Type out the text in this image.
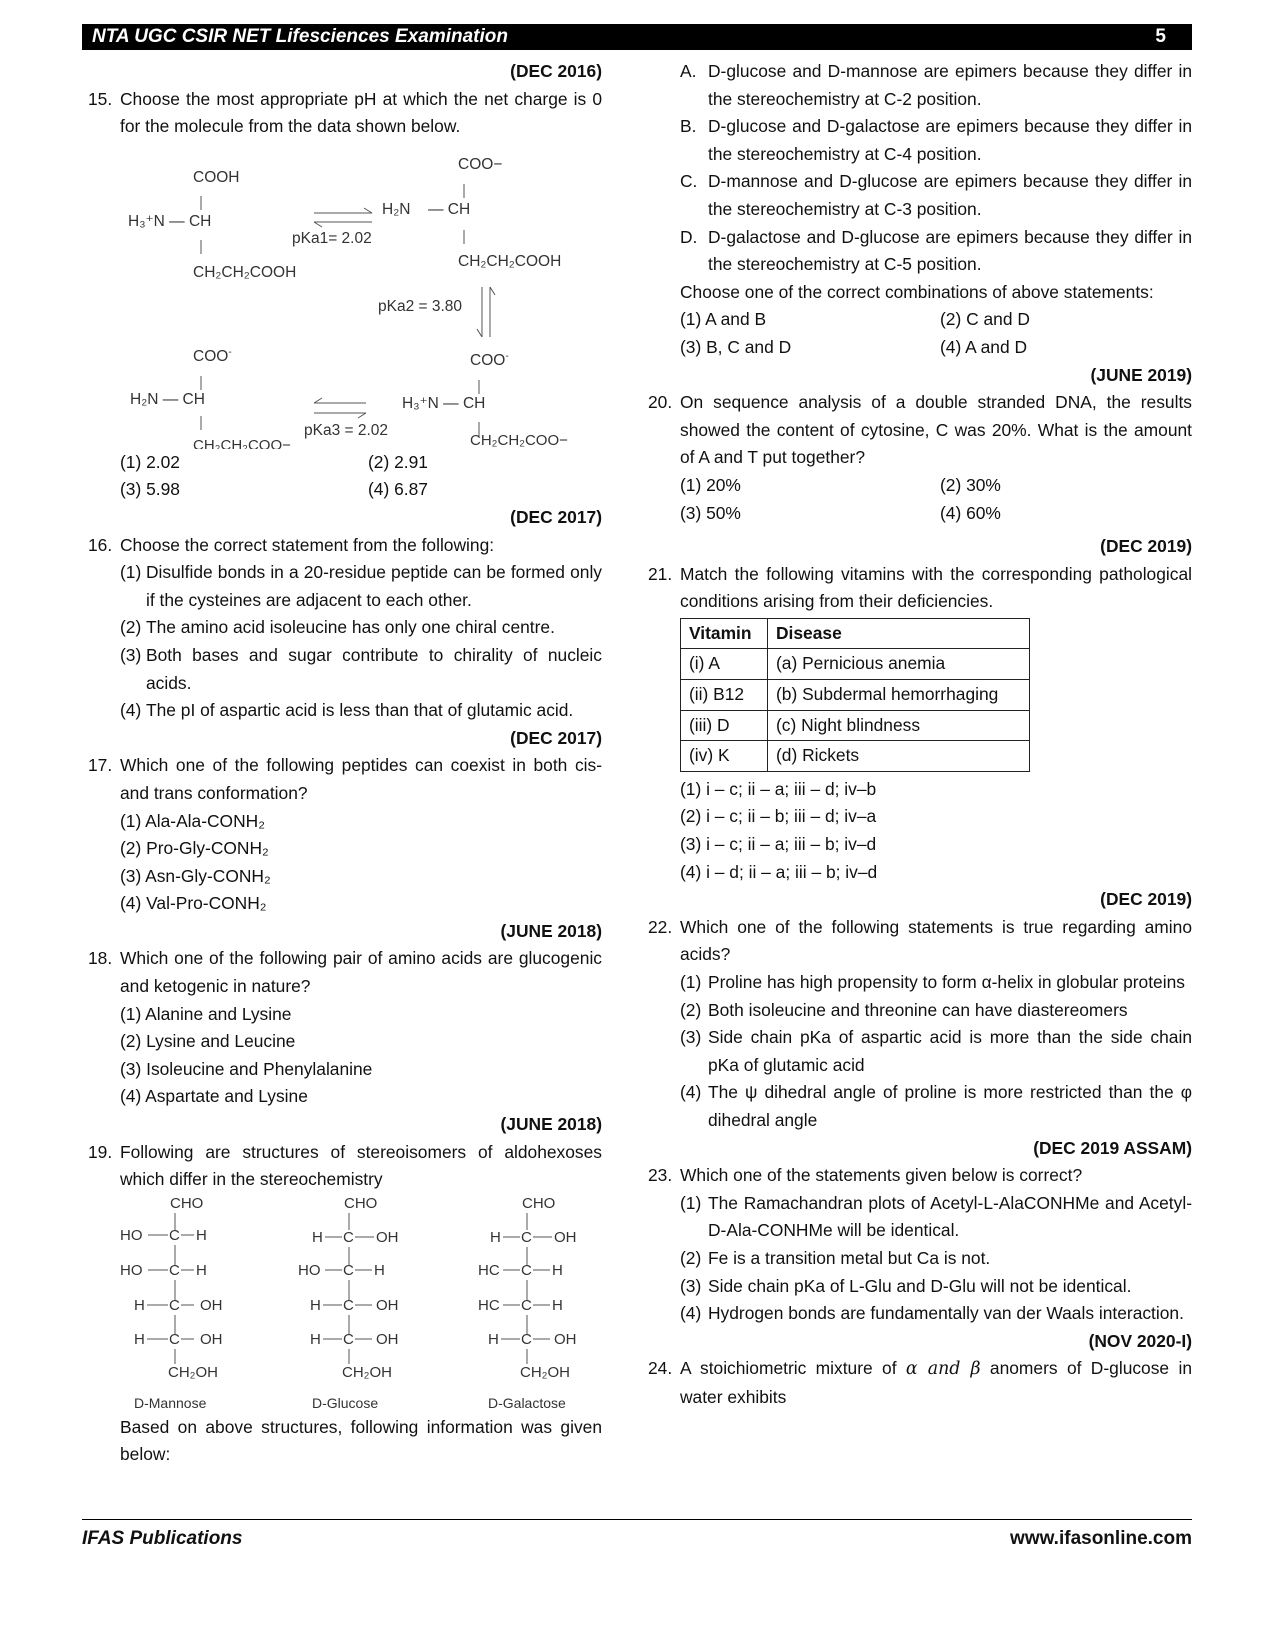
NTA UGC CSIR NET Lifesciences Examination	5
(DEC 2016)
15. Choose the most appropriate pH at which the net charge is 0 for the molecule from the data shown below.
COOH
H₃⁺N — CH
CH₂CH₂COOH
pKa1= 2.02
COO−
H₂N — CH
CH₂CH₂COOH
pKa2 = 3.80
COO-
H₂N — CH
CH₂CH₂COO−
pKa3 = 2.02
COO-
H₃⁺N — CH
CH₂CH₂COO−
(1) 2.02	(2) 2.91
(3) 5.98	(4) 6.87
(DEC 2017)
16. Choose the correct statement from the following:
(1) Disulfide bonds in a 20-residue peptide can be formed only if the cysteines are adjacent to each other.
(2) The amino acid isoleucine has only one chiral centre.
(3) Both bases and sugar contribute to chirality of nucleic acids.
(4) The pI of aspartic acid is less than that of glutamic acid.
(DEC 2017)
17. Which one of the following peptides can coexist in both cis- and trans conformation?
(1) Ala-Ala-CONH₂
(2) Pro-Gly-CONH₂
(3) Asn-Gly-CONH₂
(4) Val-Pro-CONH₂
(JUNE 2018)
18. Which one of the following pair of amino acids are glucogenic and ketogenic in nature?
(1) Alanine and Lysine
(2) Lysine and Leucine
(3) Isoleucine and Phenylalanine
(4) Aspartate and Lysine
(JUNE 2018)
19. Following are structures of stereoisomers of aldohexoses which differ in the stereochemistry
CHO
HO C H
HO C H
H C OH
H C OH
CH₂OH
D-Mannose
CHO
H C OH
HO C H
H C OH
H C OH
CH₂OH
D-Glucose
CHO
H C OH
HC C H
HC C H
H C OH
CH₂OH
D-Galactose
Based on above structures, following information was given below:
A. D-glucose and D-mannose are epimers because they differ in the stereochemistry at C-2 position.
B. D-glucose and D-galactose are epimers because they differ in the stereochemistry at C-4 position.
C. D-mannose and D-glucose are epimers because they differ in the stereochemistry at C-3 position.
D. D-galactose and D-glucose are epimers because they differ in the stereochemistry at C-5 position.
Choose one of the correct combinations of above statements:
(1) A and B	(2) C and D
(3) B, C and D	(4) A and D
(JUNE 2019)
20. On sequence analysis of a double stranded DNA, the results showed the content of cytosine, C was 20%. What is the amount of A and T put together?
(1) 20%	(2) 30%
(3) 50%	(4) 60%
(DEC 2019)
21. Match the following vitamins with the corresponding pathological conditions arising from their deficiencies.
Vitamin	Disease
(i) A	(a) Pernicious anemia
(ii) B12	(b) Subdermal hemorrhaging
(iii) D	(c) Night blindness
(iv) K	(d) Rickets
(1) i – c; ii – a; iii – d; iv–b
(2) i – c; ii – b; iii – d; iv–a
(3) i – c; ii – a; iii – b; iv–d
(4) i – d; ii – a; iii – b; iv–d
(DEC 2019)
22. Which one of the following statements is true regarding amino acids?
(1) Proline has high propensity to form α-helix in globular proteins
(2) Both isoleucine and threonine can have diastereomers
(3) Side chain pKa of aspartic acid is more than the side chain pKa of glutamic acid
(4) The ψ dihedral angle of proline is more restricted than the φ dihedral angle
(DEC 2019 ASSAM)
23. Which one of the statements given below is correct?
(1) The Ramachandran plots of Acetyl-L-AlaCONHMe and Acetyl-D-Ala-CONHMe will be identical.
(2) Fe is a transition metal but Ca is not.
(3) Side chain pKa of L-Glu and D-Glu will not be identical.
(4) Hydrogen bonds are fundamentally van der Waals interaction.
(NOV 2020-I)
24. A stoichiometric mixture of α and β anomers of D-glucose in water exhibits
IFAS Publications	www.ifasonline.com
